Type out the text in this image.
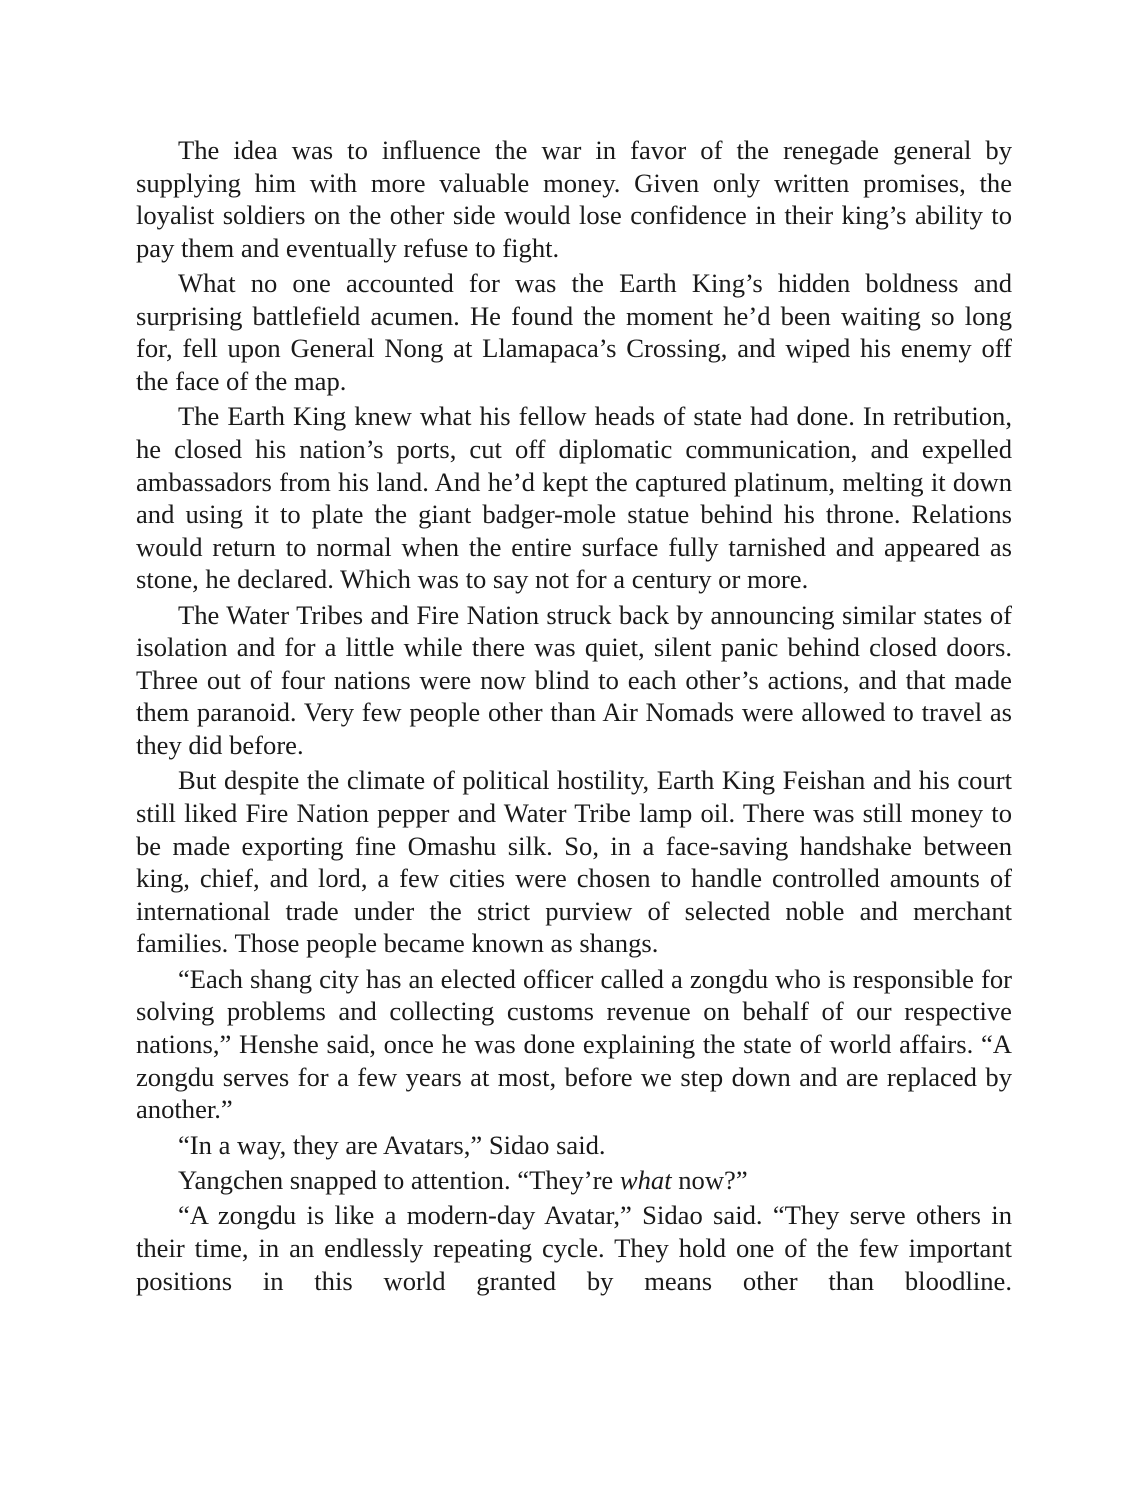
The idea was to influence the war in favor of the renegade general by supplying him with more valuable money. Given only written promises, the loyalist soldiers on the other side would lose confidence in their king’s ability to pay them and eventually refuse to fight.

What no one accounted for was the Earth King’s hidden boldness and surprising battlefield acumen. He found the moment he’d been waiting so long for, fell upon General Nong at Llamapaca’s Crossing, and wiped his enemy off the face of the map.

The Earth King knew what his fellow heads of state had done. In retribution, he closed his nation’s ports, cut off diplomatic communication, and expelled ambassadors from his land. And he’d kept the captured platinum, melting it down and using it to plate the giant badger-mole statue behind his throne. Relations would return to normal when the entire surface fully tarnished and appeared as stone, he declared. Which was to say not for a century or more.

The Water Tribes and Fire Nation struck back by announcing similar states of isolation and for a little while there was quiet, silent panic behind closed doors. Three out of four nations were now blind to each other’s actions, and that made them paranoid. Very few people other than Air Nomads were allowed to travel as they did before.

But despite the climate of political hostility, Earth King Feishan and his court still liked Fire Nation pepper and Water Tribe lamp oil. There was still money to be made exporting fine Omashu silk. So, in a face-saving handshake between king, chief, and lord, a few cities were chosen to handle controlled amounts of international trade under the strict purview of selected noble and merchant families. Those people became known as shangs.

“Each shang city has an elected officer called a zongdu who is responsible for solving problems and collecting customs revenue on behalf of our respective nations,” Henshe said, once he was done explaining the state of world affairs. “A zongdu serves for a few years at most, before we step down and are replaced by another.”

“In a way, they are Avatars,” Sidao said.

Yangchen snapped to attention. “They’re what now?”

“A zongdu is like a modern-day Avatar,” Sidao said. “They serve others in their time, in an endlessly repeating cycle. They hold one of the few important positions in this world granted by means other than bloodline.
